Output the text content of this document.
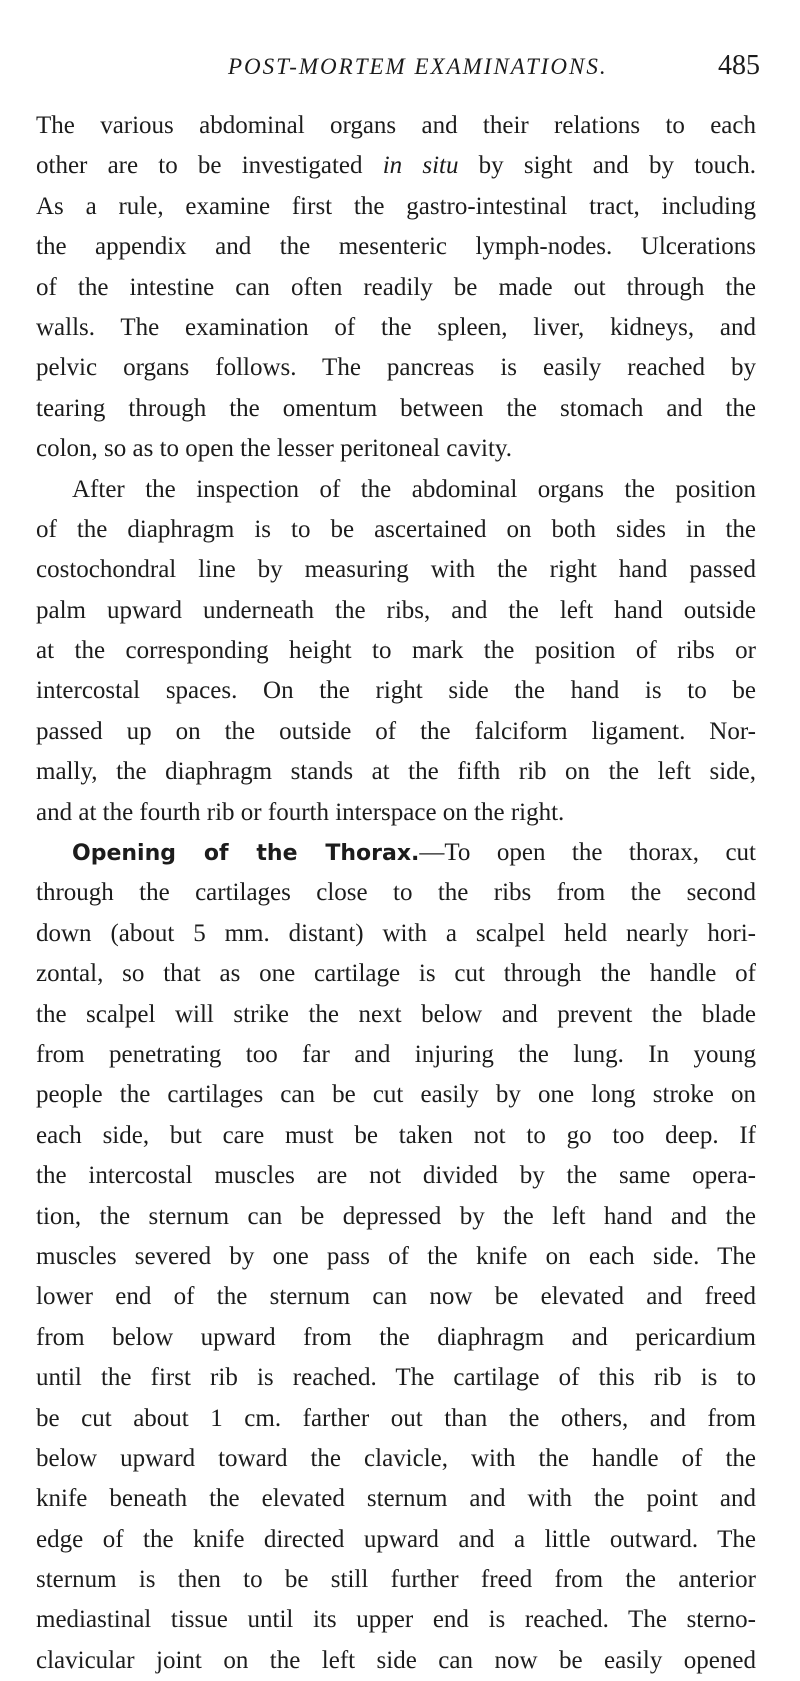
POST-MORTEM EXAMINATIONS.	485
The various abdominal organs and their relations to each
other are to be investigated in situ by sight and by touch.
As a rule, examine first the gastro-intestinal tract, including
the appendix and the mesenteric lymph-nodes. Ulcerations
of the intestine can often readily be made out through the
walls. The examination of the spleen, liver, kidneys, and
pelvic organs follows. The pancreas is easily reached by
tearing through the omentum between the stomach and the
colon, so as to open the lesser peritoneal cavity.
After the inspection of the abdominal organs the position
of the diaphragm is to be ascertained on both sides in the
costochondral line by measuring with the right hand passed
palm upward underneath the ribs, and the left hand outside
at the corresponding height to mark the position of ribs or
intercostal spaces. On the right side the hand is to be
passed up on the outside of the falciform ligament. Nor-
mally, the diaphragm stands at the fifth rib on the left side,
and at the fourth rib or fourth interspace on the right.
Opening of the Thorax.—To open the thorax, cut
through the cartilages close to the ribs from the second
down (about 5 mm. distant) with a scalpel held nearly hori-
zontal, so that as one cartilage is cut through the handle of
the scalpel will strike the next below and prevent the blade
from penetrating too far and injuring the lung. In young
people the cartilages can be cut easily by one long stroke on
each side, but care must be taken not to go too deep. If
the intercostal muscles are not divided by the same opera-
tion, the sternum can be depressed by the left hand and the
muscles severed by one pass of the knife on each side. The
lower end of the sternum can now be elevated and freed
from below upward from the diaphragm and pericardium
until the first rib is reached. The cartilage of this rib is to
be cut about 1 cm. farther out than the others, and from
below upward toward the clavicle, with the handle of the
knife beneath the elevated sternum and with the point and
edge of the knife directed upward and a little outward. The
sternum is then to be still further freed from the anterior
mediastinal tissue until its upper end is reached. The sterno-
clavicular joint on the left side can now be easily opened
